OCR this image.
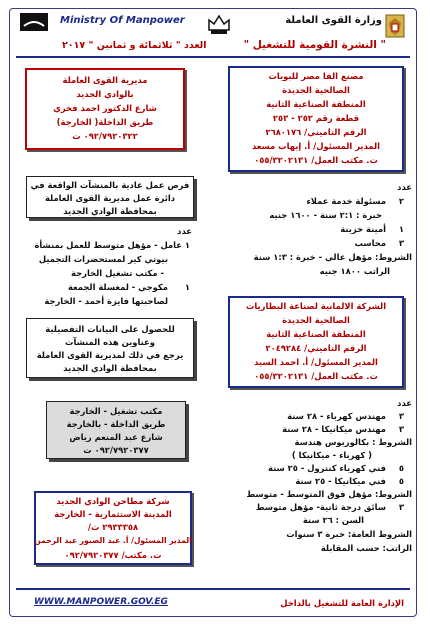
وزارة القوى العاملة
Ministry Of Manpower
" النشرة القومية للتشغيل "
العدد " ثلاثمائة و ثمانين " ٢٠١٧
مديرية القوى العاملة
بالوادي الجديد
شارع الدكتور احمد فخري
طريق الداخلة( الخارجة)
٠٩٢/٧٩٢٠٣٢٢ ت
فرص عمل عادية بالمنشآت الواقعة في
دائرة عمل مديرية القوى العاملة
بمحافظة الوادي الجديد
عدد
١
عامل - مؤهل متوسط للعمل بمنشأة
بيوتي كير لمستحضرات التجميل
- مكتب تشغيل الخارجة
١
مكوجي - لمغسلة الجمعة
لصاحبتها فايزة أحمد - الخارجة
للحصول على البيانات التفصيلية
وعناوين هذه المنشآت
يرجع في ذلك لمديرية القوى العاملة
بمحافظة الوادي الجديد
مكتب تشغيل - الخارجة
طريق الداخلة - بالخارجة
شارع عبد المنعم رياض
٠٩٢/٧٩٢٠٣٧٧ ت
شركة مطاحن الوادي الجديد
المدينة الاستثمارية - الخارجة
٢٩٣٣٣٥٨ ت/
المدير المسئول/ أ. عبد الصبور عبد الرحمن
ت. مكتب/ ٠٩٢/٧٩٢٠٣٧٧
مصنع الفا مصر للبويات
الصالحية الجديدة
المنطقة الصناعية الثانية
قطعة رقم ٢٥٢ - ٢٥٣
الرقم التاميني/ ٢٦٨٠١٧٦
المدير المسئول/ أ. إيهاب مسعد
ت. مكتب العمل/ ٠٥٥/٣٢٠٢١٣١
عدد
٢
مسئولة خدمة عملاء
خبرة : ٢:١ سنة - ١٦٠٠ جنيه
١
أمينة خزينة
٣
محاسب
الشروط: مؤهل عالي - خبرة : ١:٣ سنة
الراتب ١٨٠٠ جنيه
الشركة الالمانية لصناعة البطاريات
الصالحية الجديدة
المنطقة الصناعية الثانية
الرقم التاميني/ ٢٠٤٩٢٨٤
المدير المسئول/ أ. احمد السيد
ت. مكتب العمل/ ٠٥٥/٣٢٠٢١٣١
عدد
٣
مهندس كهرباء - ٢٨ سنة
٣
مهندس ميكانيكا - ٢٨ سنة
الشروط : بكالوريوس هندسة
( كهرباء - ميكانيكا )
٥
فني كهرباء كنترول - ٢٥ سنة
٥
فني ميكانيكا - ٢٥ سنة
الشروط: مؤهل فوق المتوسط - متوسط
٣
سائق درجة ثانية- مؤهل متوسط
السن : ٢٦ سنة
الشروط العامة: خبرة ٣ سنوات
الراتب: حسب المقابلة
WWW.MANPOWER.GOV.EG	الإدارة العامة للتشغيل بالداخل
